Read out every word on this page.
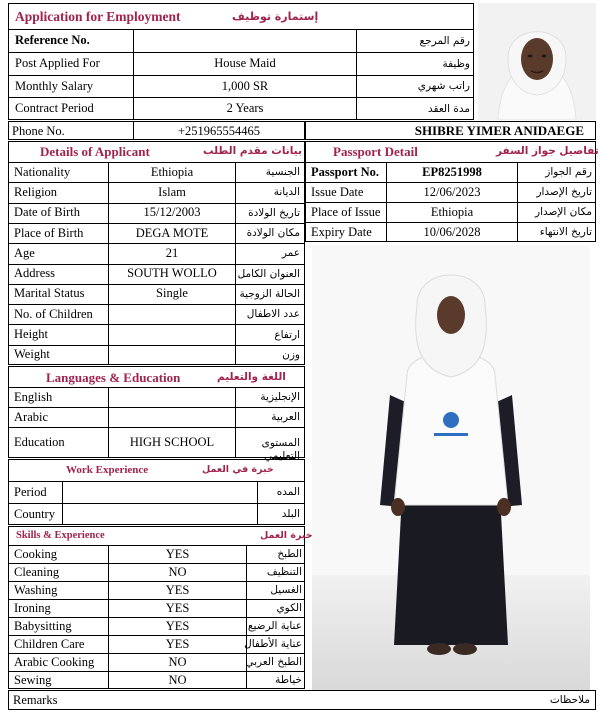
Application for Employment	إستمارة توظيف
Reference No.	رقم المرجع
Post Applied For	House Maid	وظيفة
Monthly Salary	1,000 SR	راتب شهري
Contract Period	2 Years	مدة العقد
Phone No.	+251965554465	SHIBRE YIMER ANIDAEGE
Details of Applicant	بيانات مقدم الطلب
Nationality	Ethiopia	الجنسية
Religion	Islam	الديانة
Date of Birth	15/12/2003	تاريخ الولادة
Place of Birth	DEGA MOTE	مكان الولادة
Age	21	عمر
Address	SOUTH WOLLO	العنوان الكامل
Marital Status	Single	الحالة الزوجية
No. of Children	عدد الاطفال
Height	ارتفاع
Weight	وزن
Passport Detail	تفاصيل جواز السفر
Passport No.	EP8251998	رقم الجواز
Issue Date	12/06/2023	تاريخ الإصدار
Place of Issue	Ethiopia	مكان الإصدار
Expiry Date	10/06/2028	تاريخ الانتهاء
Languages & Education	اللغة والتعليم
English	الإنجليزية
Arabic	العربية
Education	HIGH SCHOOL	المستوى التعليمي
Work Experience	خبرة في العمل
Period	المده
Country	البلد
Skills & Experience	خبرة العمل
Cooking	YES	الطبخ
Cleaning	NO	التنظيف
Washing	YES	الغسيل
Ironing	YES	الكوي
Babysitting	YES	عناية الرضيع
Children Care	YES	عناية الأطفال
Arabic Cooking	NO	الطبخ العربي
Sewing	NO	خياطة
Remarks	ملاحظات
